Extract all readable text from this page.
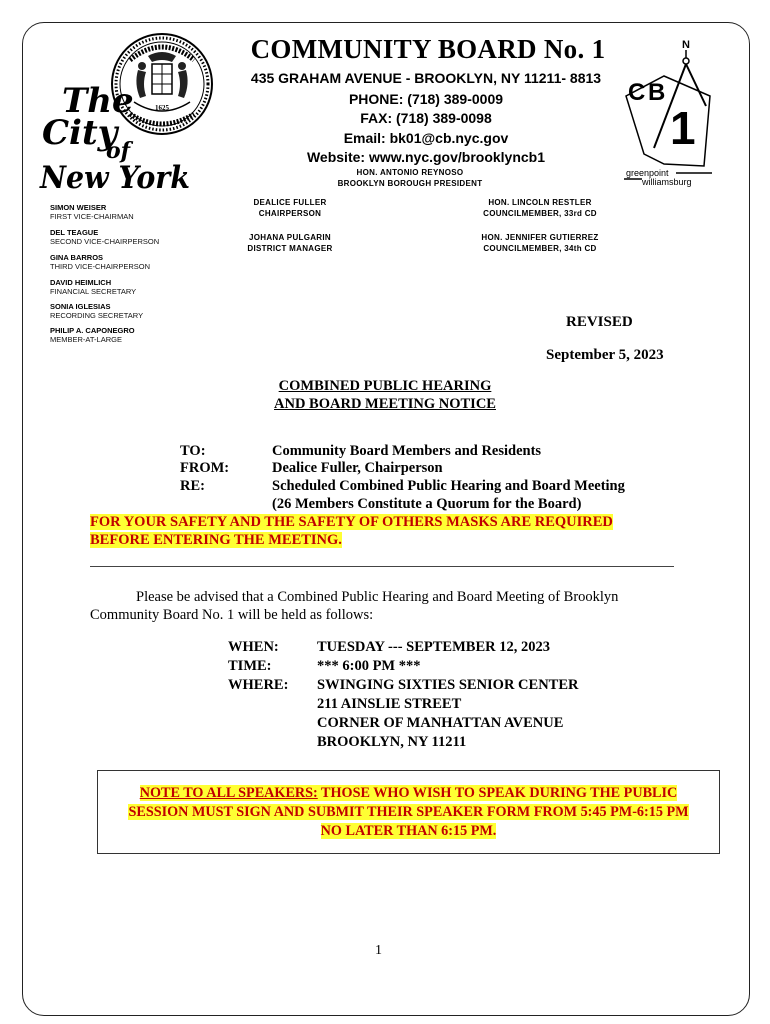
1625
The
City
of
New York
N
C B
1
greenpoint
williamsburg
COMMUNITY BOARD No. 1
435 GRAHAM AVENUE - BROOKLYN, NY 11211- 8813
PHONE: (718) 389-0009
FAX: (718) 389-0098
Email: bk01@cb.nyc.gov
Website: www.nyc.gov/brooklyncb1
HON. ANTONIO REYNOSO
BROOKLYN BOROUGH PRESIDENT
DEALICE FULLER
CHAIRPERSON
JOHANA PULGARIN
DISTRICT MANAGER
HON. LINCOLN RESTLER
COUNCILMEMBER, 33rd CD
HON. JENNIFER GUTIERREZ
COUNCILMEMBER, 34th CD
SIMON WEISER
FIRST VICE-CHAIRMAN
DEL TEAGUE
SECOND VICE-CHAIRPERSON
GINA BARROS
THIRD VICE-CHAIRPERSON
DAVID HEIMLICH
FINANCIAL SECRETARY
SONIA IGLESIAS
RECORDING SECRETARY
PHILIP A. CAPONEGRO
MEMBER-AT-LARGE
REVISED
September 5, 2023
COMBINED PUBLIC HEARING
AND BOARD MEETING NOTICE
TO:	Community Board Members and Residents
FROM:	Dealice Fuller, Chairperson
RE:	Scheduled Combined Public Hearing and Board Meeting
(26 Members Constitute a Quorum for the Board)
FOR YOUR SAFETY AND THE SAFETY OF OTHERS MASKS ARE REQUIRED
BEFORE ENTERING THE MEETING.
Please be advised that a Combined Public Hearing and Board Meeting of Brooklyn
Community Board No. 1 will be held as follows:
WHEN:	TUESDAY --- SEPTEMBER 12, 2023
TIME:	*** 6:00 PM ***
WHERE: SWINGING SIXTIES SENIOR CENTER
211 AINSLIE STREET
CORNER OF MANHATTAN AVENUE
BROOKLYN, NY 11211
NOTE TO ALL SPEAKERS: THOSE WHO WISH TO SPEAK DURING THE PUBLIC
SESSION MUST SIGN AND SUBMIT THEIR SPEAKER FORM FROM 5:45 PM-6:15 PM
NO LATER THAN 6:15 PM.
1
